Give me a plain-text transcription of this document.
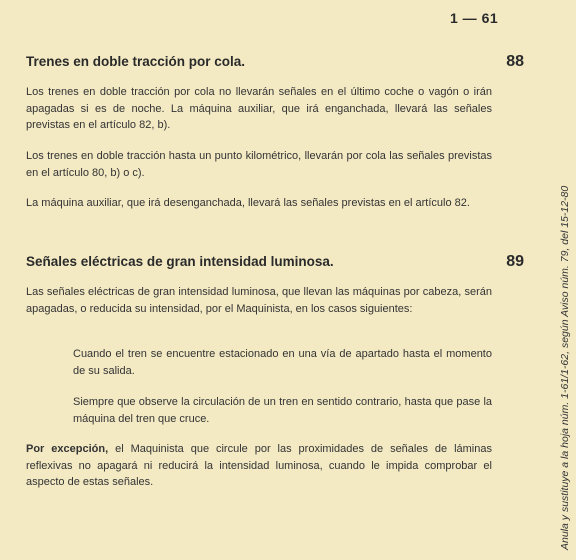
1 — 61
Trenes en doble tracción por cola.	88
Los trenes en doble tracción por cola no llevarán señales en el último coche o vagón o irán apagadas si es de noche. La máquina auxiliar, que irá enganchada, llevará las señales previstas en el artículo 82, b).
Los trenes en doble tracción hasta un punto kilométrico, llevarán por cola las señales previstas en el artículo 80, b) o c).
La máquina auxiliar, que irá desenganchada, llevará las señales previstas en el artículo 82.
Señales eléctricas de gran intensidad luminosa.	89
Las señales eléctricas de gran intensidad luminosa, que llevan las máquinas por cabeza, serán apagadas, o reducida su intensidad, por el Maquinista, en los casos siguientes:
Cuando el tren se encuentre estacionado en una vía de apartado hasta el momento de su salida.
Siempre que observe la circulación de un tren en sentido contrario, hasta que pase la máquina del tren que cruce.
Por excepción, el Maquinista que circule por las proximidades de señales de láminas reflexivas no apagará ni reducirá la intensidad luminosa, cuando le impida comprobar el aspecto de estas señales.	Anula y sustituye a la hoja núm. 1-61/1-62, según Aviso núm. 79, del 15-12-80
